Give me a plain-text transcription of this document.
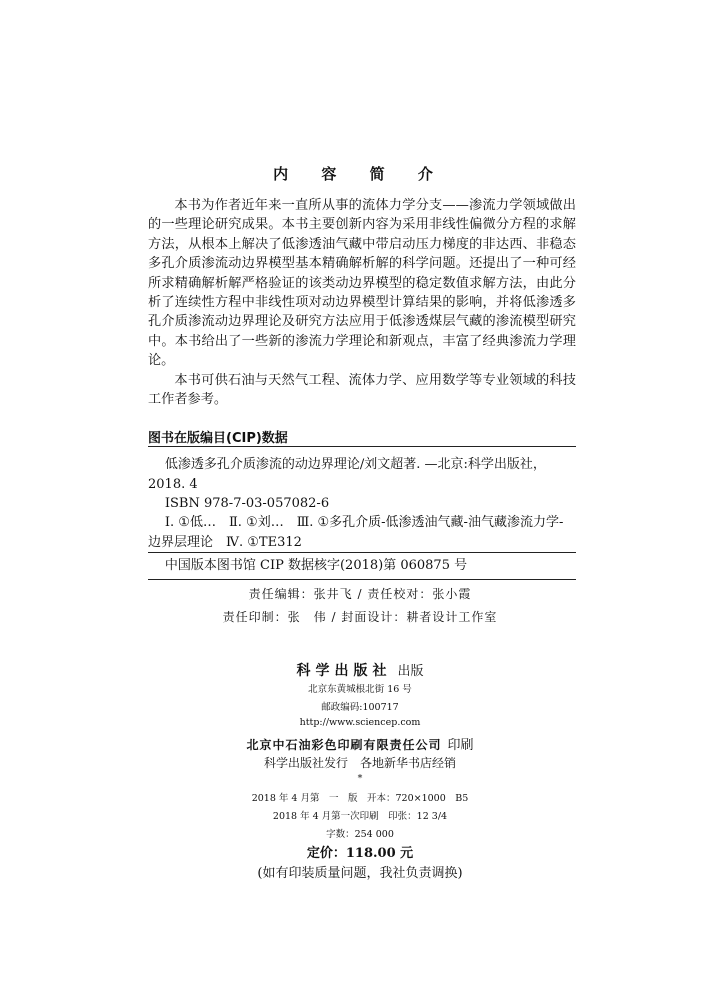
内 容 简 介

本书为作者近年来一直所从事的流体力学分支——渗流力学领域做出的一些理论研究成果。本书主要创新内容为采用非线性偏微分方程的求解方法，从根本上解决了低渗透油气藏中带启动压力梯度的非达西、非稳态多孔介质渗流动边界模型基本精确解析解的科学问题。还提出了一种可经所求精确解析解严格验证的该类动边界模型的稳定数值求解方法，由此分析了连续性方程中非线性项对动边界模型计算结果的影响，并将低渗透多孔介质渗流动边界理论及研究方法应用于低渗透煤层气藏的渗流模型研究中。本书给出了一些新的渗流力学理论和新观点，丰富了经典渗流力学理论。

本书可供石油与天然气工程、流体力学、应用数学等专业领域的科技工作者参考。

图书在版编目(CIP)数据

低渗透多孔介质渗流的动边界理论/刘文超著. —北京:科学出版社，2018. 4

ISBN 978-7-03-057082-6

Ⅰ. ①低…　Ⅱ. ①刘…　Ⅲ. ①多孔介质-低渗透油气藏-油气藏渗流力学-边界层理论　Ⅳ. ①TE312

中国版本图书馆 CIP 数据核字(2018)第 060875 号

责任编辑：张井飞 / 责任校对：张小霞
责任印制：张　伟 / 封面设计：耕者设计工作室
科学出版社 出版
北京东黄城根北街 16 号
邮政编码:100717
http://www.sciencep.com
北京中石油彩色印刷有限责任公司 印刷
科学出版社发行　各地新华书店经销
*
2018 年 4 月第　一　版　开本：720×1000　B5
2018 年 4 月第一次印刷　印张：12 3/4
字数：254 000
定价：118.00 元
(如有印装质量问题，我社负责调换)
